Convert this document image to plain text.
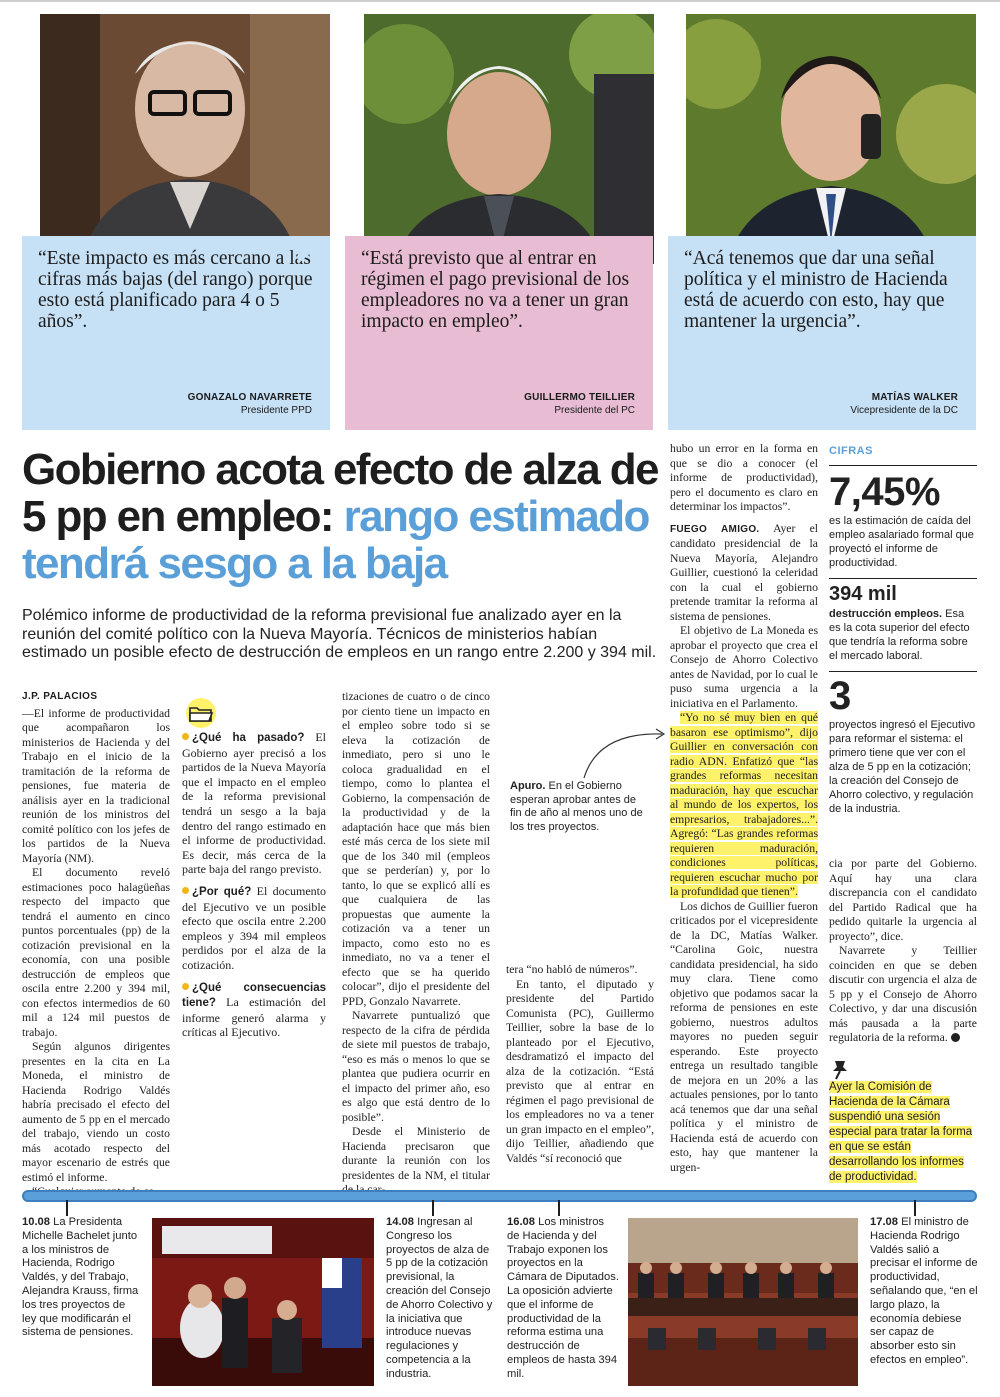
“Este impacto es más cercano a las cifras más bajas (del rango) porque esto está planificado para 4 o 5 años”.
GONAZALO NAVARRETE
Presidente PPD
“Está previsto que al entrar en régimen el pago previsional de los empleadores no va a tener un gran impacto en empleo”.
GUILLERMO TEILLIER
Presidente del PC
“Acá tenemos que dar una señal política y el ministro de Hacienda está de acuerdo con esto, hay que mantener la urgencia”.
MATÍAS WALKER
Vicepresidente de la DC
Gobierno acota efecto de alza de 5 pp en empleo: rango estimado tendrá sesgo a la baja
Polémico informe de productividad de la reforma previsional fue analizado ayer en la reunión del comité político con la Nueva Mayoría. Técnicos de ministerios habían estimado un posible efecto de destrucción de empleos en un rango entre 2.200 y 394 mil.
J.P. PALACIOS

—El informe de productividad que acompañaron los ministerios de Hacienda y del Trabajo en el inicio de la tramitación de la reforma de pensiones, fue materia de análisis ayer en la tradicional reunión de los ministros del comité político con los jefes de los partidos de la Nueva Mayoría (NM).

El documento reveló estimaciones poco halagüeñas respecto del impacto que tendrá el aumento en cinco puntos porcentuales (pp) de la cotización previsional en la economía, con una posible destrucción de empleos que oscila entre 2.200 y 394 mil, con efectos intermedios de 60 mil a 124 mil puestos de trabajo.

Según algunos dirigentes presentes en la cita en La Moneda, el ministro de Hacienda Rodrigo Valdés habría precisado el efecto del aumento de 5 pp en el mercado del trabajo, viendo un costo más acotado respecto del mayor escenario de estrés que estimó el informe.

¿Qué ha pasado? El Gobierno ayer precisó a los partidos de la Nueva Mayoría que el impacto en el empleo de la reforma previsional tendrá un sesgo a la baja dentro del rango estimado en el informe de productividad. Es decir, más cerca de la parte baja del rango previsto.
¿Por qué? El documento del Ejecutivo ve un posible efecto que oscila entre 2.200 empleos y 394 mil empleos perdidos por el alza de la cotización.
¿Qué consecuencias tiene? La estimación del informe generó alarma y críticas al Ejecutivo.

tizaciones de cuatro o de cinco por ciento tiene un impacto en el empleo sobre todo si se eleva la cotización de inmediato, pero si uno le coloca gradualidad en el tiempo, como lo plantea el Gobierno, la compensación de la productividad y de la adaptación hace que más bien esté más cerca de los siete mil que de los 340 mil (empleos que se perderían) y, por lo tanto, lo que se explicó allí es que cualquiera de las propuestas que aumente la cotización va a tener un impacto, como esto no es inmediato, no va a tener el efecto que se ha querido colocar”, dijo el presidente del PPD, Gonzalo Navarrete.

Navarrete puntualizó que respecto de la cifra de pérdida de siete mil puestos de trabajo, “eso es más o menos lo que se plantea que pudiera ocurrir en el impacto del primer año, eso es algo que está dentro de lo posible”.

Desde el Ministerio de Hacienda precisaron que durante la reunión con los presidentes de la NM, el titular

Apuro. En el Gobierno esperan aprobar antes de fin de año al menos uno de los tres proyectos.

tera “no habló de números”.

En tanto, el diputado y presidente del Partido Comunista (PC), Guillermo Teillier, sobre la base de lo planteado por el Ejecutivo, desdramatizó el impacto del alza de la cotización. “Está previsto que al entrar en régimen el pago previsional de los empleadores no va a tener un gran impacto en el empleo”, dijo Teillier, añadiendo que Valdés “sí reconoció que

hubo un error en la forma en que se dio a conocer (el informe de productividad), pero el documento es claro en determinar los impactos”.

FUEGO AMIGO. Ayer el candidato presidencial de la Nueva Mayoría, Alejandro Guillier, cuestionó la celeridad con la cual el gobierno pretende tramitar la reforma al sistema de pensiones.

El objetivo de La Moneda es aprobar el proyecto que crea el Consejo de Ahorro Colectivo antes de Navidad, por lo cual le puso suma urgencia a la iniciativa en el Parlamento.

“Yo no sé muy bien en qué basaron ese optimismo”, dijo Guillier en conversación con radio ADN. Enfatizó que “las grandes reformas necesitan maduración, hay que escuchar al mundo de los expertos, los empresarios, trabajadores...”. Agregó: “Las grandes reformas requieren maduración, condiciones políticas, requieren escuchar mucho por la profundidad que tienen”.

Los dichos de Guillier fueron criticados por el vicepresidente de la DC, Matías Walker. “Carolina Goic, nuestra candidata presidencial, ha sido muy clara. Tiene como objetivo que podamos sacar la reforma de pensiones en este gobierno, nuestros adultos mayores no pueden seguir esperando. Este proyecto entrega un resultado tangible de mejora en un 20% a las actuales pensiones, por lo tanto acá tenemos que dar una señal política y el ministro de Hacienda está de acuerdo con esto, hay que mantener la urgen-

CIFRAS
7,45%
es la estimación de caída del empleo asalariado formal que proyectó el informe de productividad.
394 mil
destrucción empleos. Esa es la cota superior del efecto que tendría la reforma sobre el mercado laboral.
3
proyectos ingresó el Ejecutivo para reformar el sistema: el primero tiene que ver con el alza de 5 pp en la cotización; la creación del Consejo de Ahorro colectivo, y regulación de la industria.

cia por parte del Gobierno. Aquí hay una clara discrepancia con el candidato del Partido Radical que ha pedido quitarle la urgencia al proyecto”, dice.

Navarrete y Teillier coinciden en que se deben discutir con urgencia el alza de 5 pp y el Consejo de Ahorro Colectivo, y dar una discusión más pausada a la parte regulatoria de la reforma.

Ayer la Comisión de Hacienda de la Cámara suspendió una sesión especial para tratar la forma en que se están desarrollando los informes de productividad.
10.08 La Presidenta Michelle Bachelet junto a los ministros de Hacienda, Rodrigo Valdés, y del Trabajo, Alejandra Krauss, firma los tres proyectos de ley que modificarán el sistema de pensiones.
14.08 Ingresan al Congreso los proyectos de alza de 5 pp de la cotización previsional, la creación del Consejo de Ahorro Colectivo y la iniciativa que introduce nuevas regulaciones y competencia a la industria.
16.08 Los ministros de Hacienda y del Trabajo exponen los proyectos en la Cámara de Diputados. La oposición advierte que el informe de productividad de la reforma estima una destrucción de empleos de hasta 394 mil.
17.08 El ministro de Hacienda Rodrigo Valdés salió a precisar el informe de productividad, señalando que, “en el largo plazo, la economía debiese ser capaz de absorber esto sin efectos en empleo”.
